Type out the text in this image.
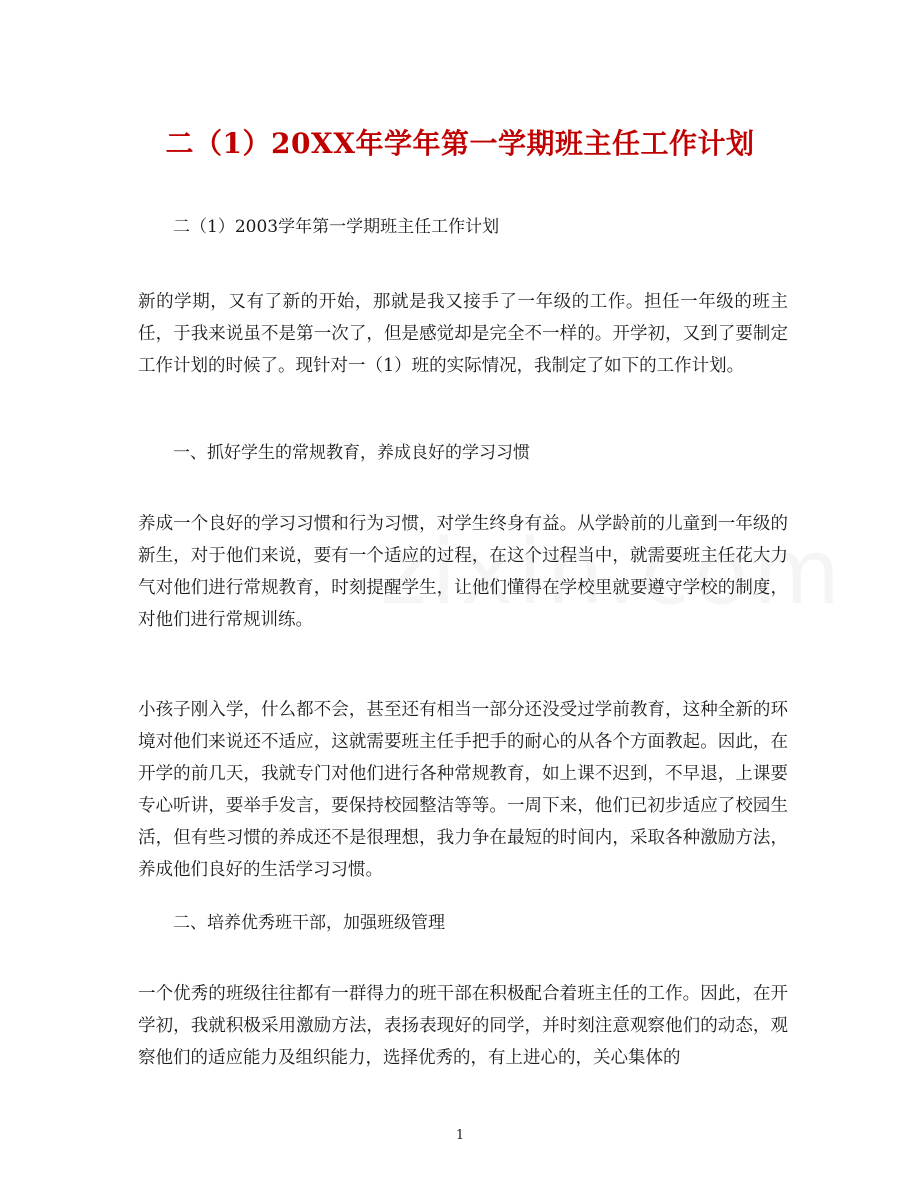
二（1）20XX年学年第一学期班主任工作计划
二（1）2003学年第一学期班主任工作计划
新的学期，又有了新的开始，那就是我又接手了一年级的工作。担任一年级的班主任，于我来说虽不是第一次了，但是感觉却是完全不一样的。开学初，又到了要制定工作计划的时候了。现针对一（1）班的实际情况，我制定了如下的工作计划。
一、抓好学生的常规教育，养成良好的学习习惯
养成一个良好的学习习惯和行为习惯，对学生终身有益。从学龄前的儿童到一年级的新生，对于他们来说，要有一个适应的过程，在这个过程当中，就需要班主任花大力气对他们进行常规教育，时刻提醒学生，让他们懂得在学校里就要遵守学校的制度，对他们进行常规训练。
小孩子刚入学，什么都不会，甚至还有相当一部分还没受过学前教育，这种全新的环境对他们来说还不适应，这就需要班主任手把手的耐心的从各个方面教起。因此，在开学的前几天，我就专门对他们进行各种常规教育，如上课不迟到，不早退，上课要专心听讲，要举手发言，要保持校园整洁等等。一周下来，他们已初步适应了校园生活，但有些习惯的养成还不是很理想，我力争在最短的时间内，采取各种激励方法，养成他们良好的生活学习习惯。
二、培养优秀班干部，加强班级管理
一个优秀的班级往往都有一群得力的班干部在积极配合着班主任的工作。因此，在开学初，我就积极采用激励方法，表扬表现好的同学，并时刻注意观察他们的动态，观察他们的适应能力及组织能力，选择优秀的，有上进心的，关心集体的
1
